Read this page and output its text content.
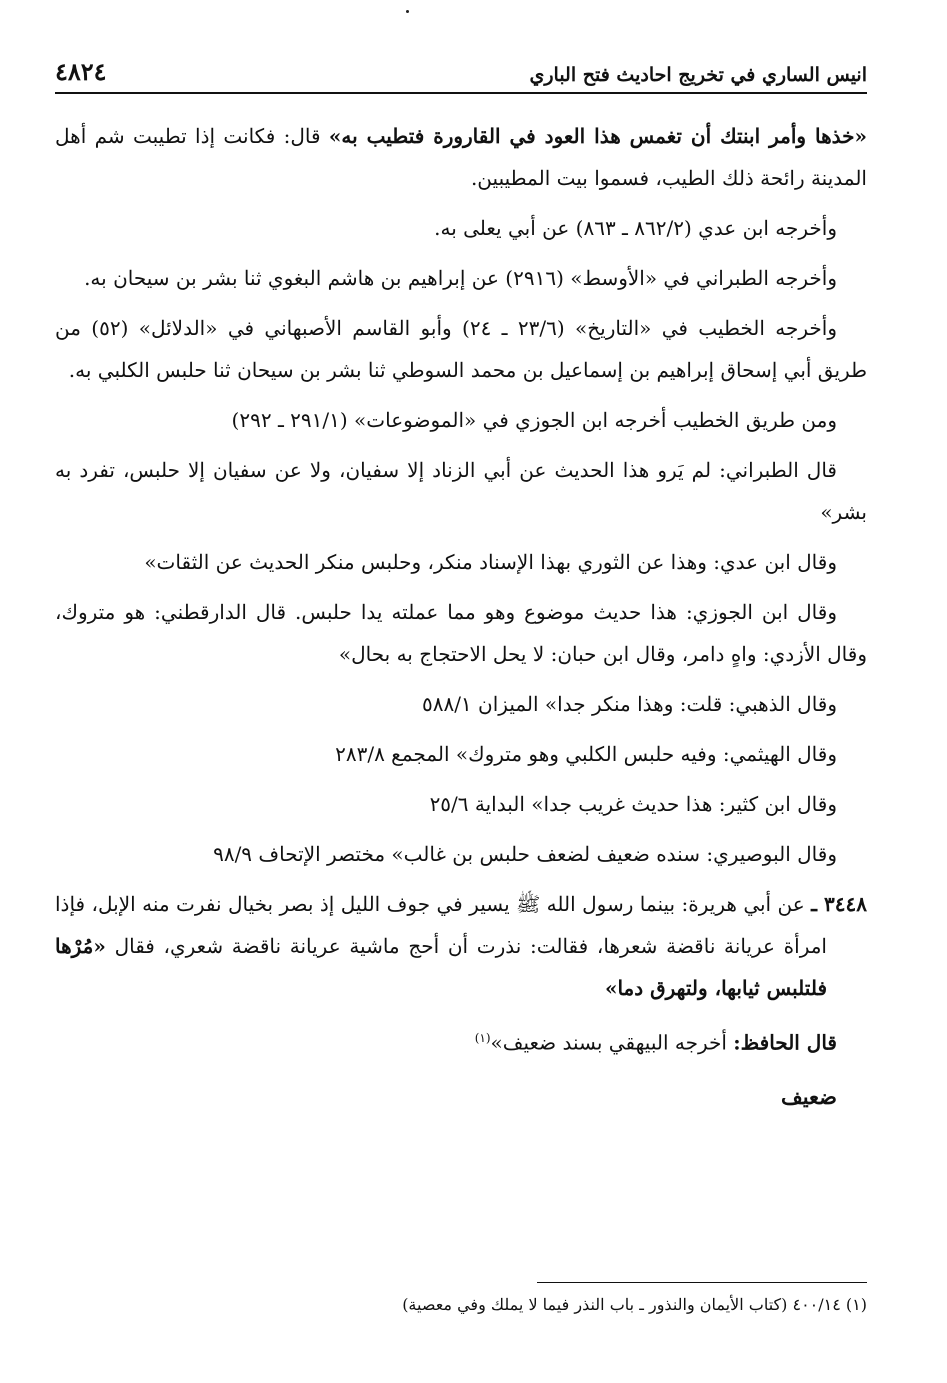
انيس الساري في تخريج احاديث فتح الباري
٤٨٢٤

«خذها وأمر ابنتك أن تغمس هذا العود في القارورة فتطيب به» قال: فكانت إذا تطيبت شم أهل المدينة رائحة ذلك الطيب، فسموا بيت المطيبين.

وأخرجه ابن عدي (٨٦٢/٢ ـ ٨٦٣) عن أبي يعلى به.

وأخرجه الطبراني في «الأوسط» (٢٩١٦) عن إبراهيم بن هاشم البغوي ثنا بشر بن سيحان به.

وأخرجه الخطيب في «التاريخ» (٢٣/٦ ـ ٢٤) وأبو القاسم الأصبهاني في «الدلائل» (٥٢) من طريق أبي إسحاق إبراهيم بن إسماعيل بن محمد السوطي ثنا بشر بن سيحان ثنا حلبس الكلبي به.

ومن طريق الخطيب أخرجه ابن الجوزي في «الموضوعات» (٢٩١/١ ـ ٢٩٢)

قال الطبراني: لم يَرو هذا الحديث عن أبي الزناد إلا سفيان، ولا عن سفيان إلا حلبس، تفرد به بشر»

وقال ابن عدي: وهذا عن الثوري بهذا الإسناد منكر، وحلبس منكر الحديث عن الثقات»

وقال ابن الجوزي: هذا حديث موضوع وهو مما عملته يدا حلبس. قال الدارقطني: هو متروك، وقال الأزدي: واهٍ دامر، وقال ابن حبان: لا يحل الاحتجاج به بحال»

وقال الذهبي: قلت: وهذا منكر جدا» الميزان ٥٨٨/١

وقال الهيثمي: وفيه حلبس الكلبي وهو متروك» المجمع ٢٨٣/٨

وقال ابن كثير: هذا حديث غريب جدا» البداية ٢٥/٦

وقال البوصيري: سنده ضعيف لضعف حلبس بن غالب» مختصر الإتحاف ٩٨/٩

٣٤٤٨ ـ عن أبي هريرة: بينما رسول الله ﷺ يسير في جوف الليل إذ بصر بخيال نفرت منه الإبل، فإذا امرأة عريانة ناقضة شعرها، فقالت: نذرت أن أحج ماشية عريانة ناقضة شعري، فقال «مُرْها فلتلبس ثيابها، ولتهرق دما»

قال الحافظ: أخرجه البيهقي بسند ضعيف»$^{(١)}$

ضعيف

(١) ٤٠٠/١٤ (كتاب الأيمان والنذور ـ باب النذر فيما لا يملك وفي معصية)
